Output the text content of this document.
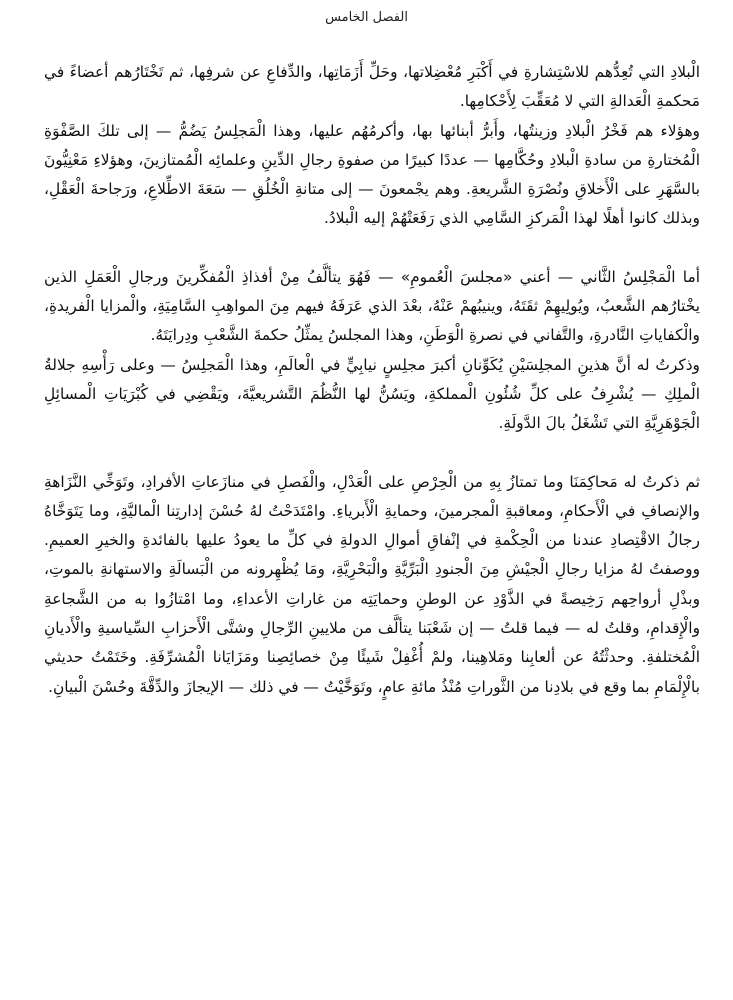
الفصل الخامس

الْبلادِ التي تُعِدُّهم للاسْتِشارةِ في أَكْبَرِ مُعْضِلاتها، وحَلِّ أَزَمَاتِها، والدِّفاعِ عن شرفِها، ثم تَخْتَارُهم أعضاءً في مَحكمةِ الْعَدالةِ التي لا مُعَقِّبَ لِأَحْكامِها.

وهؤلاء هم فَخْرُ الْبلادِ وزينتُها، وأَبرُّ أبنائها بها، وأكرمُهُم عليها، وهذا الْمَجلِسُ يَضُمُّ — إلى تلكَ الصَّفْوَةِ الْمُختارةِ من سادةِ الْبلادِ وحُكَّامِها — عددًا كبيرًا من صفوةِ رجالِ الدِّينِ وعلمائِه الْمُمتازينَ، وهؤلاءِ مَعْنِيُّونَ بالسَّهَرِ على الْأَخلاقِ ونُصْرَةِ الشَّريعةِ. وهم يجْمعونَ — إلى متانةِ الْخُلُقِ — سَعَةَ الاطِّلاعِ، ورَجاحةَ الْعَقْلِ، وبذلك كانوا أهلًا لهذا الْمَركزِ السَّامِي الذي رَفَعَتْهُمْ إليه الْبلادُ.

أما الْمَجْلِسُ الثَّاني — أعني «مجلسَ الْعُمومِ» — فَهُوَ يتألَّفُ مِنْ أفذاذِ الْمُفكِّرينَ ورجالِ الْعَمَلِ الذين يخْتارُهم الشَّعبُ، ويُولِيهِمْ ثقَتَهُ، وينيبُهمْ عَنْهُ، بعْدَ الذي عَرَفَهُ فيهم مِنَ المواهِبِ السَّامِيَةِ، والْمزايا الْفريدةِ، والْكفاياتِ النَّادرةِ، والتَّفاني في نصرةِ الْوَطَنِ، وهذا المجلسُ يمثِّلُ حكمةَ الشَّعْبِ ودِرايَتَهُ.

وذكرتُ له أنَّ هذينِ المجلِسَيْنِ يُكَوِّنانِ أكبرَ مجلِسٍ نيابِيٍّ في الْعالَمِ، وهذا الْمَجلِسُ — وعلى رَأْسِهِ جلالةُ الْملِكِ — يُشْرِفُ على كلِّ شُئُونِ الْمملكةِ، ويَسُنُّ لها النُّظُمَ التَّشريعيَّةَ، ويَقْضِي في كُبْرَيَاتِ الْمسائِلِ الْجَوْهَرِيَّةِ التي تَشْغَلُ بالَ الدَّولَةِ.

ثم ذكرتُ له مَحاكِمَنَا وما تمتازُ بِهِ من الْحِرْصِ على الْعَدْلِ، والْفَصلِ في منازَعاتِ الأفرادِ، وتَوَخِّي النَّزَاهةِ والإنصافِ في الْأَحكامِ، ومعاقبةِ الْمجرمينَ، وحمايةِ الْأَبرياءِ. وامْتَدَحْتُ لهُ حُسْنَ إدارتِنا الْماليَّةِ، وما يَتَوَخَّاهُ رجالُ الاقْتِصادِ عندنا من الْحِكْمةِ في إنْفاقِ أموالِ الدولةِ في كلِّ ما يعودُ عليها بالفائدةِ والخيرِ العميمِ. ووصفتُ لهُ مزايا رجالِ الْجيْشِ مِنَ الْجنودِ الْبَرِّيَّةِ والْبَحْرِيَّةِ، ومَا يُظْهِرونه من الْبَسالَةِ والاستهانةِ بالموتِ، وبذْلِ أرواحِهم رَخِيصةً في الذَّوْدِ عن الوطنِ وحمايَتِه من غاراتِ الأعداءِ، وما امْتازُوا به من الشَّجاعةِ والْإِقدامِ، وقلتُ له — فيما قلتُ — إن شَعْبَنا يتألَّف من ملايينِ الرِّجالِ وشتَّى الْأَحزابِ السِّياسيةِ والْأَديانِ الْمُختلفةِ. وحدثْتُهُ عن ألعابِنا ومَلاهِينا، ولمْ أُغْفِلْ شَيئًا مِنْ خصائِصِنا ومَزَايَانا الْمُشرِّفَةِ. وخَتَمْتُ حديثي بالْإِلْمَامِ بما وقع في بلادِنا من الثَّوراتِ مُنْذُ مائةِ عامٍ، وتَوَخَّيْتُ — في ذلك — الإيجازَ والدِّقَّةَ وحُسْنَ الْبيانِ.
